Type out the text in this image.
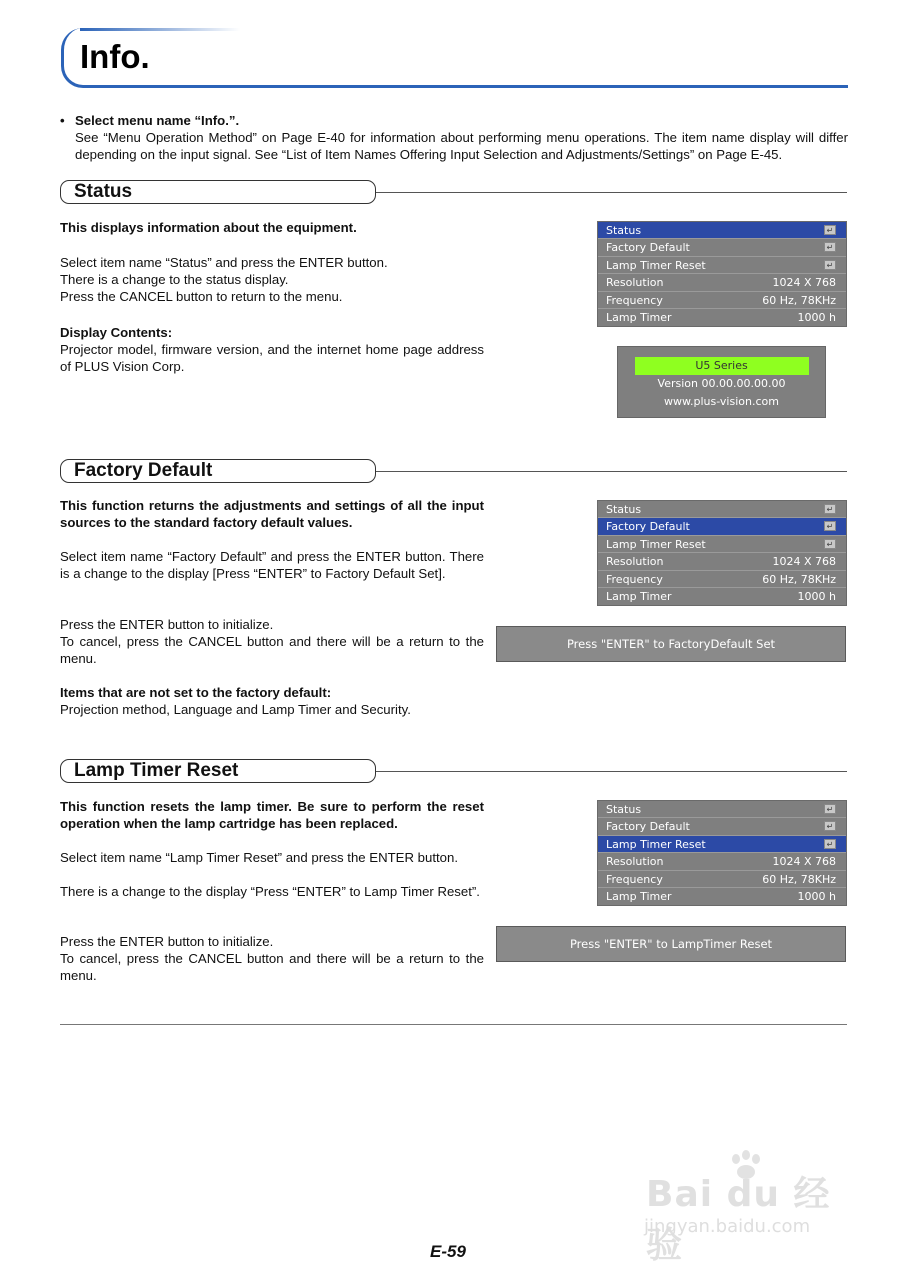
Info.
• Select menu name “Info.”.
See “Menu Operation Method” on Page E-40 for information about performing menu operations. The item name display will differ depending on the input signal. See “List of Item Names Offering Input Selection and Adjustments/Settings” on Page E-45.
Status
This displays information about the equipment.
Select item name “Status” and press the ENTER button.
There is a change to the status display.
Press the CANCEL button to return to the menu.
Display Contents:
Projector model, firmware version, and the internet home page address of PLUS Vision Corp.
Status	↵
Factory Default	↵
Lamp Timer Reset	↵
Resolution	1024 X 768
Frequency	60 Hz, 78KHz
Lamp Timer	1000 h
U5 Series
Version 00.00.00.00.00
www.plus-vision.com
Factory Default
This function returns the adjustments and settings of all the input sources to the standard factory default values.
Select item name “Factory Default” and press the ENTER button. There is a change to the display [Press “ENTER” to Factory Default Set].
Press the ENTER button to initialize.
To cancel, press the CANCEL button and there will be a return to the menu.
Items that are not set to the factory default:
Projection method, Language and Lamp Timer and Security.
Status	↵
Factory Default	↵
Lamp Timer Reset	↵
Resolution	1024 X 768
Frequency	60 Hz, 78KHz
Lamp Timer	1000 h
Press "ENTER" to FactoryDefault Set
Lamp Timer Reset
This function resets the lamp timer. Be sure to perform the reset operation when the lamp cartridge has been replaced.
Select item name “Lamp Timer Reset” and press the ENTER button.
There is a change to the display “Press “ENTER” to Lamp Timer Reset”.
Press the ENTER button to initialize.
To cancel, press the CANCEL button and there will be a return to the menu.
Status	↵
Factory Default	↵
Lamp Timer Reset	↵
Resolution	1024 X 768
Frequency	60 Hz, 78KHz
Lamp Timer	1000 h
Press "ENTER" to LampTimer Reset
Bai du 经验
jingyan.baidu.com
E-59
